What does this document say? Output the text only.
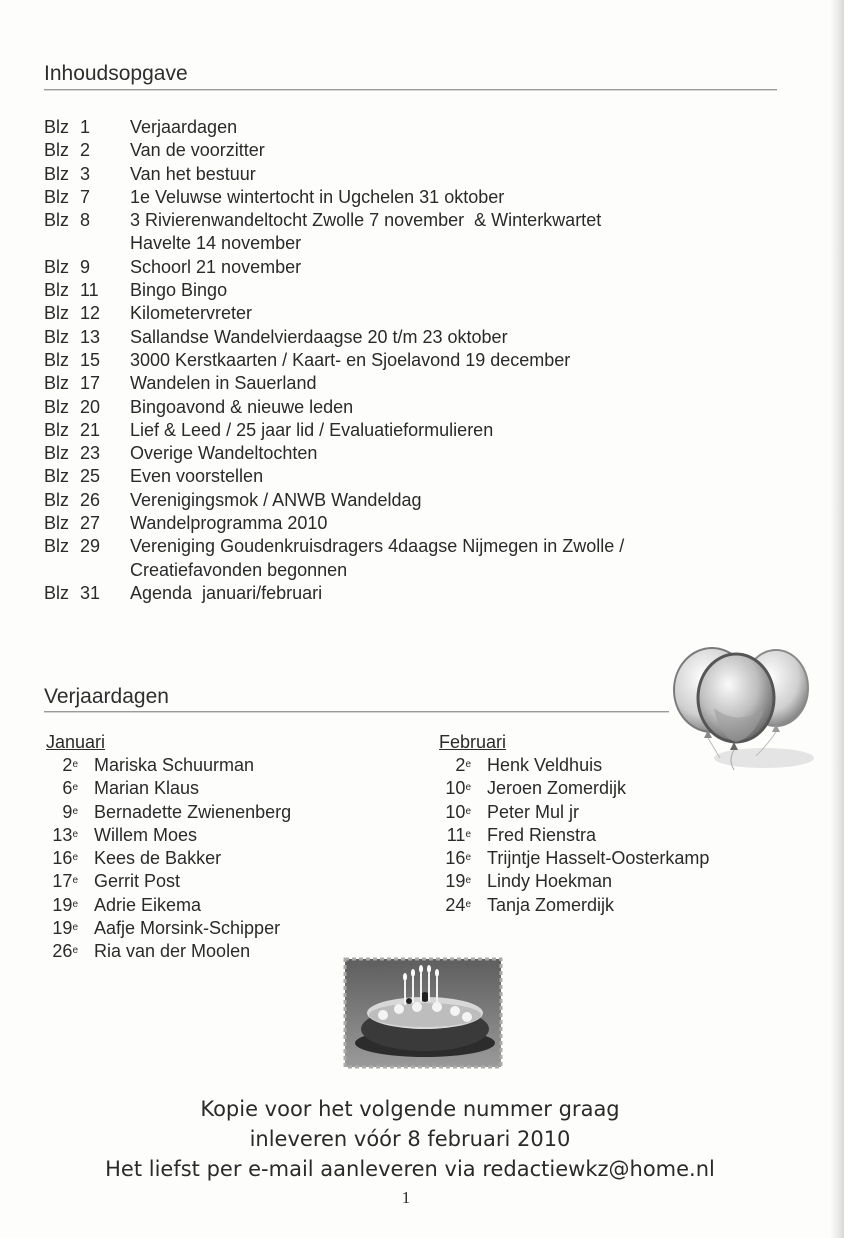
Inhoudsopgave
Blz 1	Verjaardagen
Blz 2	Van de voorzitter
Blz 3	Van het bestuur
Blz 7	1e Veluwse wintertocht in Ugchelen 31 oktober
Blz 8	3 Rivierenwandeltocht Zwolle 7 november  & Winterkwartet
Havelte 14 november
Blz 9	Schoorl 21 november
Blz 11	Bingo Bingo
Blz 12	Kilometervreter
Blz 13	Sallandse Wandelvierdaagse 20 t/m 23 oktober
Blz 15	3000 Kerstkaarten / Kaart- en Sjoelavond 19 december
Blz 17	Wandelen in Sauerland
Blz 20	Bingoavond & nieuwe leden
Blz 21	Lief & Leed / 25 jaar lid / Evaluatieformulieren
Blz 23	Overige Wandeltochten
Blz 25	Even voorstellen
Blz 26	Verenigingsmok / ANWB Wandeldag
Blz 27	Wandelprogramma 2010
Blz 29	Vereniging Goudenkruisdragers 4daagse Nijmegen in Zwolle /
Creatiefavonden begonnen
Blz 31	Agenda  januari/februari
Verjaardagen
Januari
2e Mariska Schuurman
6e Marian Klaus
9e Bernadette Zwienenberg
13e Willem Moes
16e Kees de Bakker
17e Gerrit Post
19e Adrie Eikema
19e Aafje Morsink-Schipper
26e Ria van der Moolen
Februari
2e Henk Veldhuis
10e Jeroen Zomerdijk
10e Peter Mul jr
11e Fred Rienstra
16e Trijntje Hasselt-Oosterkamp
19e Lindy Hoekman
24e Tanja Zomerdijk
Kopie voor het volgende nummer graag
inleveren vóór 8 februari 2010
Het liefst per e-mail aanleveren via redactiewkz@home.nl
1
